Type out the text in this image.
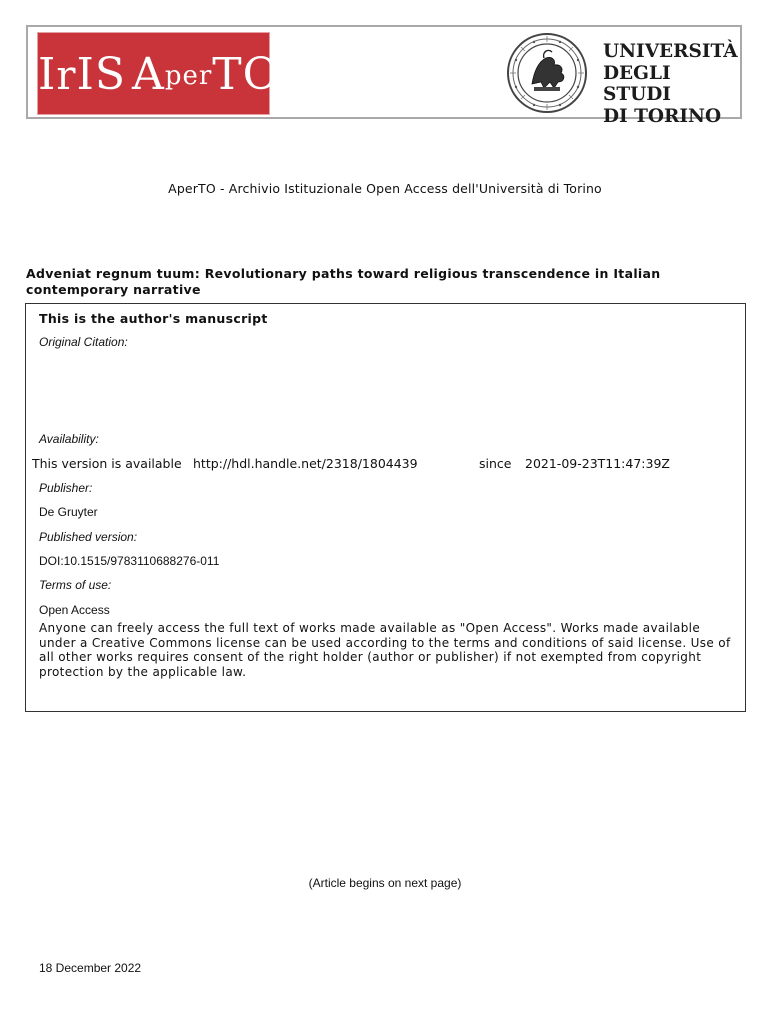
IrIS AperTO	UNIVERSITÀ
DEGLI STUDI
DI TORINO
AperTO - Archivio Istituzionale Open Access dell'Università di Torino
Adveniat regnum tuum: Revolutionary paths toward religious transcendence in Italian contemporary narrative
This is the author's manuscript
Original Citation:
Availability:
This version is available http://hdl.handle.net/2318/1804439	since 2021-09-23T11:47:39Z
Publisher:
De Gruyter
Published version:
DOI:10.1515/9783110688276-011
Terms of use:
Open Access
Anyone can freely access the full text of works made available as "Open Access". Works made available under a Creative Commons license can be used according to the terms and conditions of said license. Use of all other works requires consent of the right holder (author or publisher) if not exempted from copyright protection by the applicable law.
(Article begins on next page)
18 December 2022
